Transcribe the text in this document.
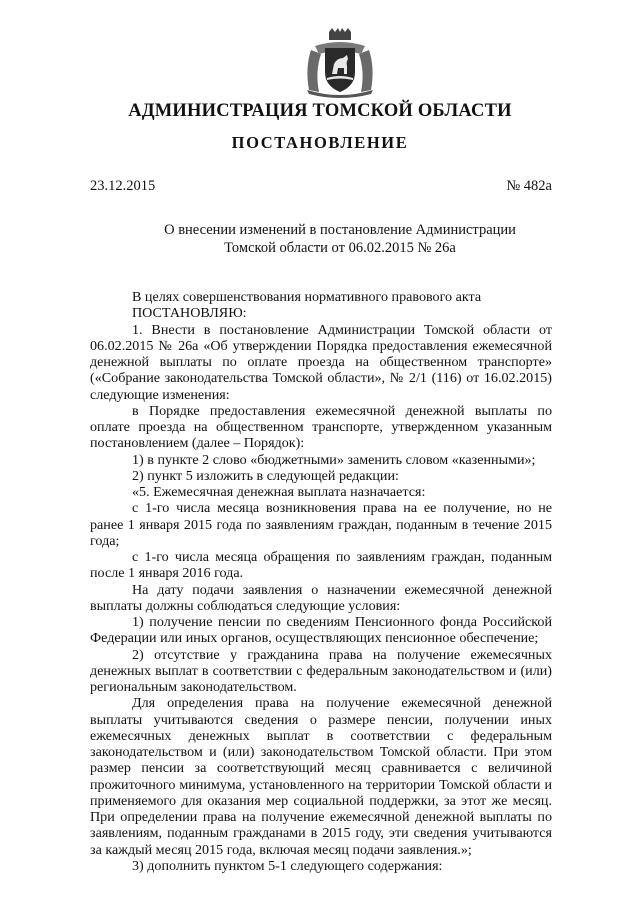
АДМИНИСТРАЦИЯ ТОМСКОЙ ОБЛАСТИ
ПОСТАНОВЛЕНИЕ
23.12.2015	№ 482а
О внесении изменений в постановление Администрации
Томской области от 06.02.2015 № 26а

В целях совершенствования нормативного правового акта

ПОСТАНОВЛЯЮ:

1. Внести в постановление Администрации Томской области от 06.02.2015 № 26а «Об утверждении Порядка предоставления ежемесячной денежной выплаты по оплате проезда на общественном транспорте» («Собрание законодательства Томской области», № 2/1 (116) от 16.02.2015) следующие изменения:

в Порядке предоставления ежемесячной денежной выплаты по оплате проезда на общественном транспорте, утвержденном указанным постановлением (далее – Порядок):

1) в пункте 2 слово «бюджетными» заменить словом «казенными»;

2) пункт 5 изложить в следующей редакции:

«5. Ежемесячная денежная выплата назначается:

с 1-го числа месяца возникновения права на ее получение, но не ранее 1 января 2015 года по заявлениям граждан, поданным в течение 2015 года;

с 1-го числа месяца обращения по заявлениям граждан, поданным после 1 января 2016 года.

На дату подачи заявления о назначении ежемесячной денежной выплаты должны соблюдаться следующие условия:

1) получение пенсии по сведениям Пенсионного фонда Российской Федерации или иных органов, осуществляющих пенсионное обеспечение;

2) отсутствие у гражданина права на получение ежемесячных денежных выплат в соответствии с федеральным законодательством и (или) региональным законодательством.

Для определения права на получение ежемесячной денежной выплаты учитываются сведения о размере пенсии, получении иных ежемесячных денежных выплат в соответствии с федеральным законодательством и (или) законодательством Томской области. При этом размер пенсии за соответствующий месяц сравнивается с величиной прожиточного минимума, установленного на территории Томской области и применяемого для оказания мер социальной поддержки, за этот же месяц. При определении права на получение ежемесячной денежной выплаты по заявлениям, поданным гражданами в 2015 году, эти сведения учитываются за каждый месяц 2015 года, включая месяц подачи заявления.»;

3) дополнить пунктом 5-1 следующего содержания:
